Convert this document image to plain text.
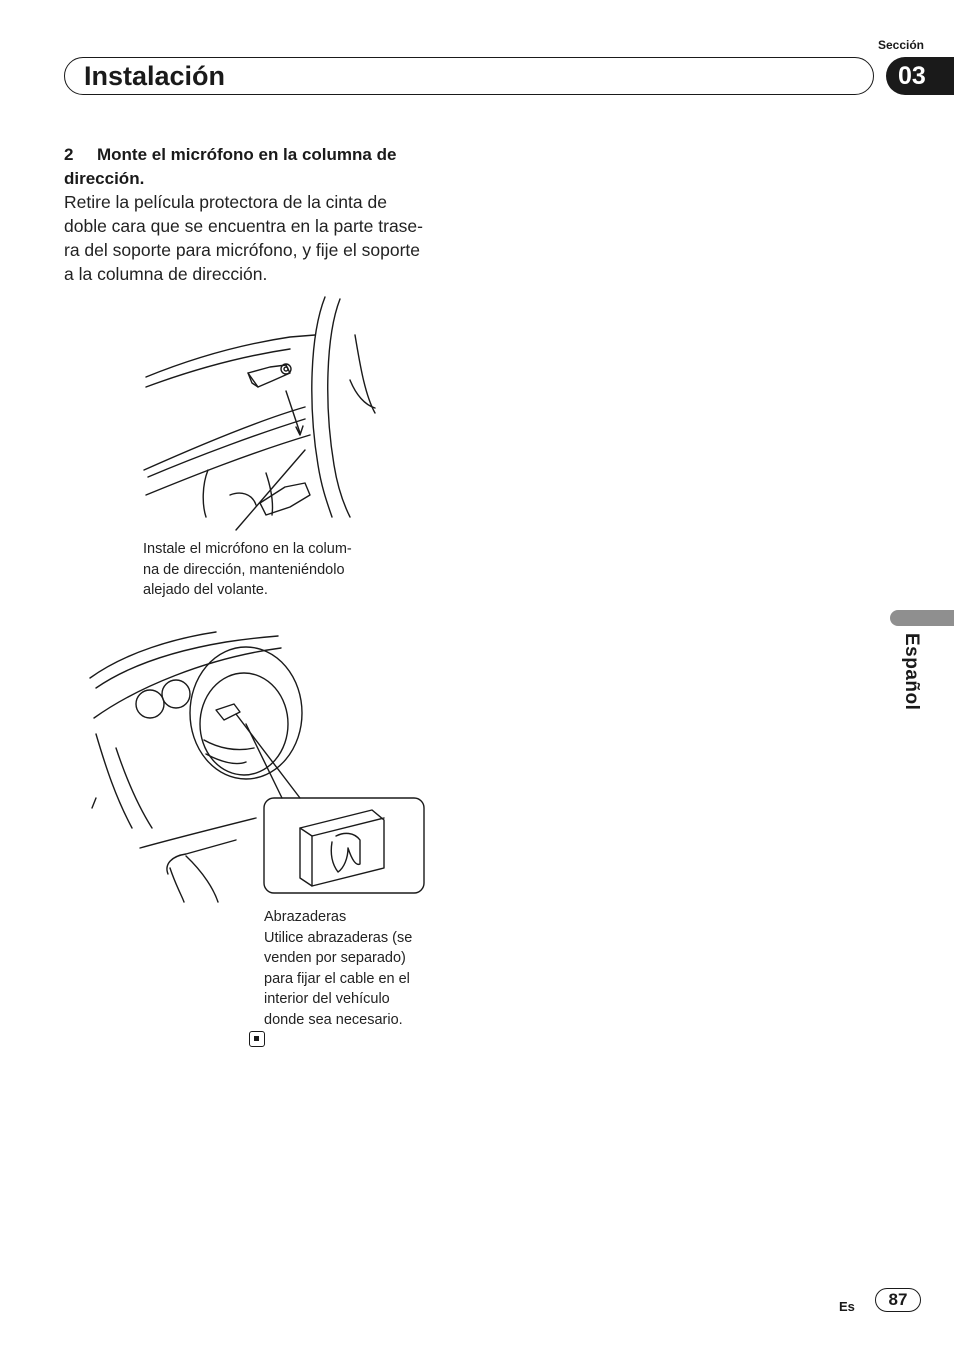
Sección
Instalación	03
Español
2 Monte el micrófono en la columna de dirección.
Retire la película protectora de la cinta de
doble cara que se encuentra en la parte trase-
ra del soporte para micrófono, y fije el soporte
a la columna de dirección.
Instale el micrófono en la colum-
na de dirección, manteniéndolo
alejado del volante.
Abrazaderas
Utilice abrazaderas (se
venden por separado)
para fijar el cable en el
interior del vehículo
donde sea necesario.
Es	87
